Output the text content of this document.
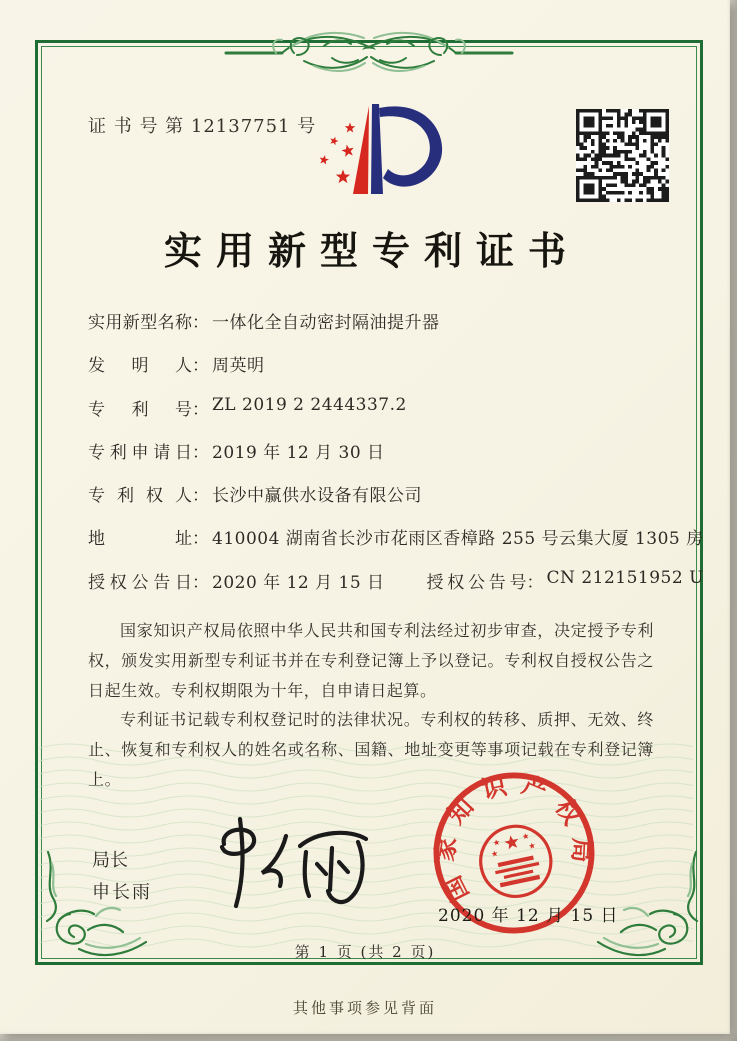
证 书 号 第 12137751 号
实用新型专利证书
实用新型名称： 一体化全自动密封隔油提升器
发明人： 周英明
专利号： ZL 2019 2 2444337.2
专利申请日： 2019 年 12 月 30 日
专利权人： 长沙中赢供水设备有限公司
地址： 410004 湖南省长沙市花雨区香樟路 255 号云集大厦 1305 房
授权公告日： 2020 年 12 月 15 日 授权公告号： CN 212151952 U

国家知识产权局依照中华人民共和国专利法经过初步审查，决定授予专利权，颁发实用新型专利证书并在专利登记簿上予以登记。专利权自授权公告之日起生效。专利权期限为十年，自申请日起算。

专利证书记载专利权登记时的法律状况。专利权的转移、质押、无效、终止、恢复和专利权人的姓名或名称、国籍、地址变更等事项记载在专利登记簿上。

局长
申长雨	国家知识产权局
2020 年 12 月 15 日
第 1 页 (共 2 页)
其他事项参见背面
